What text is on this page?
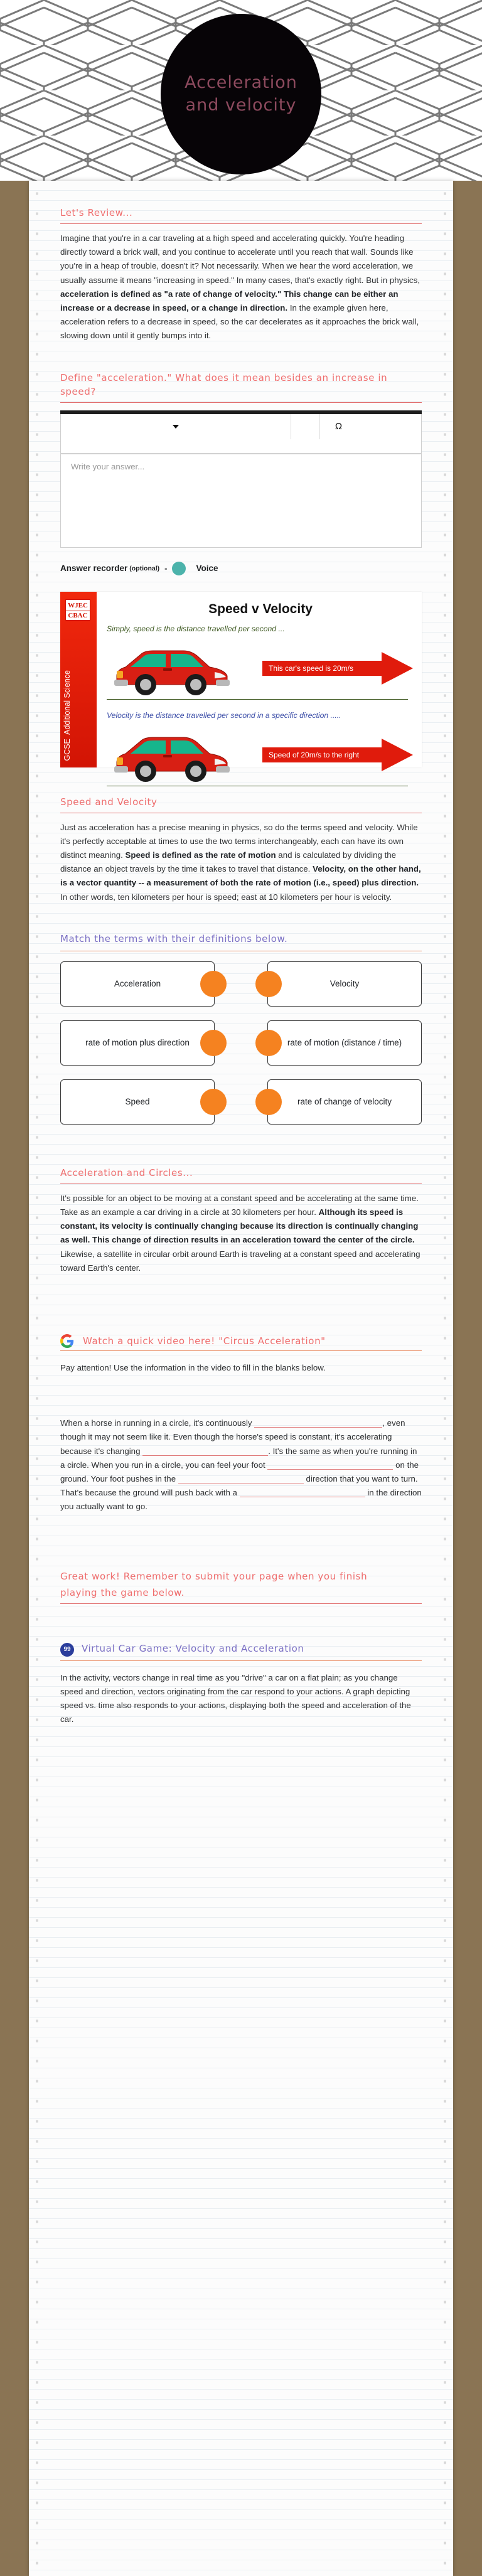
Acceleration
and velocity
Let's Review...

Imagine that you're in a car traveling at a high speed and accelerating quickly. You're heading directly toward a brick wall, and you continue to accelerate until you reach that wall. Sounds like you're in a heap of trouble, doesn't it? Not necessarily. When we hear the word acceleration, we usually assume it means "increasing in speed." In many cases, that's exactly right. But in physics, acceleration is defined as "a rate of change of velocity." This change can be either an increase or a decrease in speed, or a change in direction. In the example given here, acceleration refers to a decrease in speed, so the car decelerates as it approaches the brick wall, slowing down until it gently bumps into it.

Define "acceleration." What does it mean besides an increase in speed?
Ω
Write your answer...
Answer recorder (optional) -	Voice
WJEC
CBAC
GCSE  Additional Science

Speed v Velocity
Simply, speed is the distance travelled per second ...
This car's speed is 20m/s
Velocity is the distance travelled per second in a specific direction .....
Speed of 20m/s to the right
Speed and Velocity

Just as acceleration has a precise meaning in physics, so do the terms speed and velocity. While it's perfectly acceptable at times to use the two terms interchangeably, each can have its own distinct meaning. Speed is defined as the rate of motion and is calculated by dividing the distance an object travels by the time it takes to travel that distance. Velocity, on the other hand, is a vector quantity -- a measurement of both the rate of motion (i.e., speed) plus direction. In other words, ten kilometers per hour is speed; east at 10 kilometers per hour is velocity.

Match the terms with their definitions below.
Acceleration	Velocity
rate of motion plus direction	rate of motion (distance / time)
Speed	rate of change of velocity
Acceleration and Circles...

It's possible for an object to be moving at a constant speed and be accelerating at the same time. Take as an example a car driving in a circle at 30 kilometers per hour. Although its speed is constant, its velocity is continually changing because its direction is continually changing as well. This change of direction results in an acceleration toward the center of the circle. Likewise, a satellite in circular orbit around Earth is traveling at a constant speed and accelerating toward Earth's center.

Watch a quick video here! "Circus Acceleration"

Pay attention! Use the information in the video to fill in the blanks below.

When a horse in running in a circle, it's continuously	, even though it may not seem like it. Even though the horse's speed is constant, it's accelerating because it's changing	. It's the same as when you're running in a circle. When you run in a circle, you can feel your foot	on the ground. Your foot pushes in the	direction that you want to turn. That's because the ground will push back with a	in the direction you actually want to go.

Great work! Remember to submit your page when you finish
playing the game below.
99	Virtual Car Game: Velocity and Acceleration

In the activity, vectors change in real time as you "drive" a car on a flat plain; as you change speed and direction, vectors originating from the car respond to your actions. A graph depicting speed vs. time also responds to your actions, displaying both the speed and acceleration of the car.
